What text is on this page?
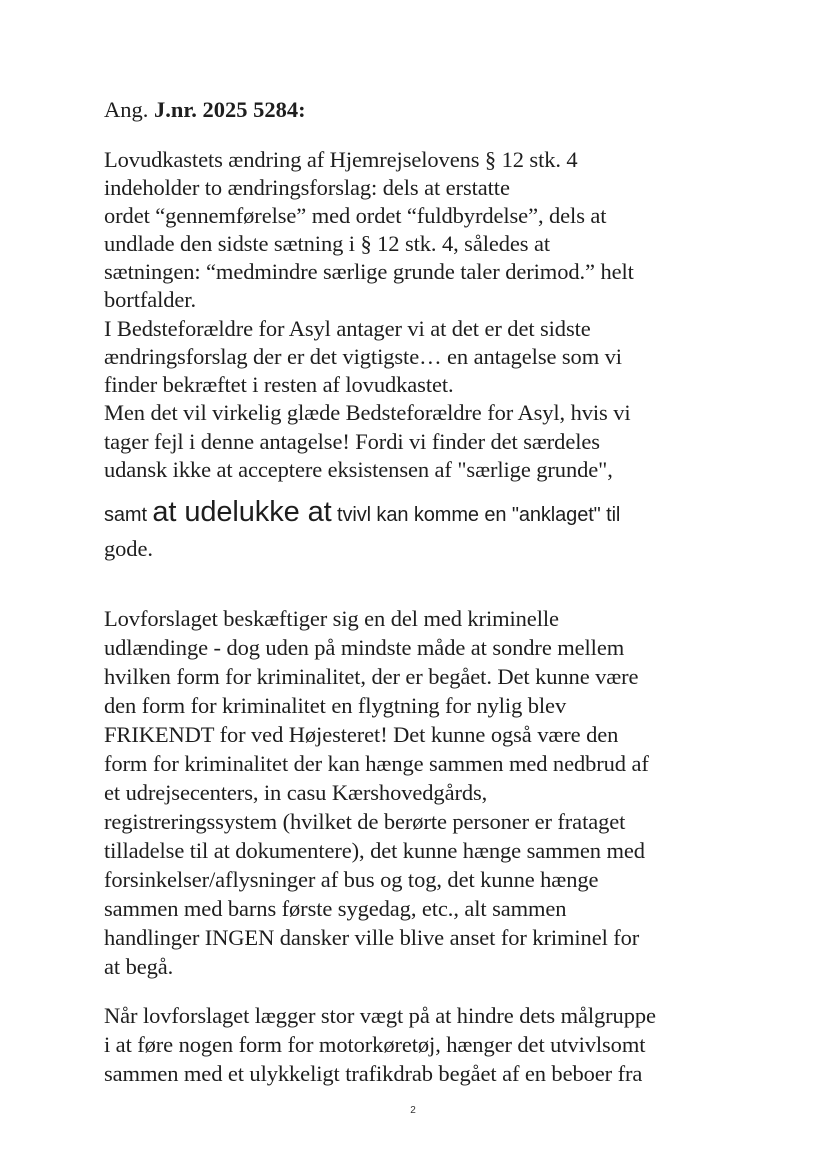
Ang. J.nr. 2025 5284:
Lovudkastets ændring af Hjemrejselovens § 12 stk. 4
indeholder to ændringsforslag: dels at erstatte
ordet “gennemførelse” med ordet “fuldbyrdelse”, dels at
undlade den sidste sætning i § 12 stk. 4, således at
sætningen: “medmindre særlige grunde taler derimod.” helt
bortfalder.
I Bedsteforældre for Asyl antager vi at det er det sidste
ændringsforslag der er det vigtigste… en antagelse som vi
finder bekræftet i resten af lovudkastet.
Men det vil virkelig glæde Bedsteforældre for Asyl, hvis vi
tager fejl i denne antagelse! Fordi vi finder det særdeles
udansk ikke at acceptere eksistensen af "særlige grunde",
samt at udelukke at tvivl kan komme en "anklaget" til
gode.
Lovforslaget beskæftiger sig en del med kriminelle
udlændinge - dog uden på mindste måde at sondre mellem
hvilken form for kriminalitet, der er begået. Det kunne være
den form for kriminalitet en flygtning for nylig blev
FRIKENDT for ved Højesteret! Det kunne også være den
form for kriminalitet der kan hænge sammen med nedbrud af
et udrejsecenters, in casu Kærshovedgårds,
registreringssystem (hvilket de berørte personer er frataget
tilladelse til at dokumentere), det kunne hænge sammen med
forsinkelser/aflysninger af bus og tog, det kunne hænge
sammen med barns første sygedag, etc., alt sammen
handlinger INGEN dansker ville blive anset for kriminel for
at begå.
Når lovforslaget lægger stor vægt på at hindre dets målgruppe
i at føre nogen form for motorkøretøj, hænger det utvivlsomt
sammen med et ulykkeligt trafikdrab begået af en beboer fra
2
